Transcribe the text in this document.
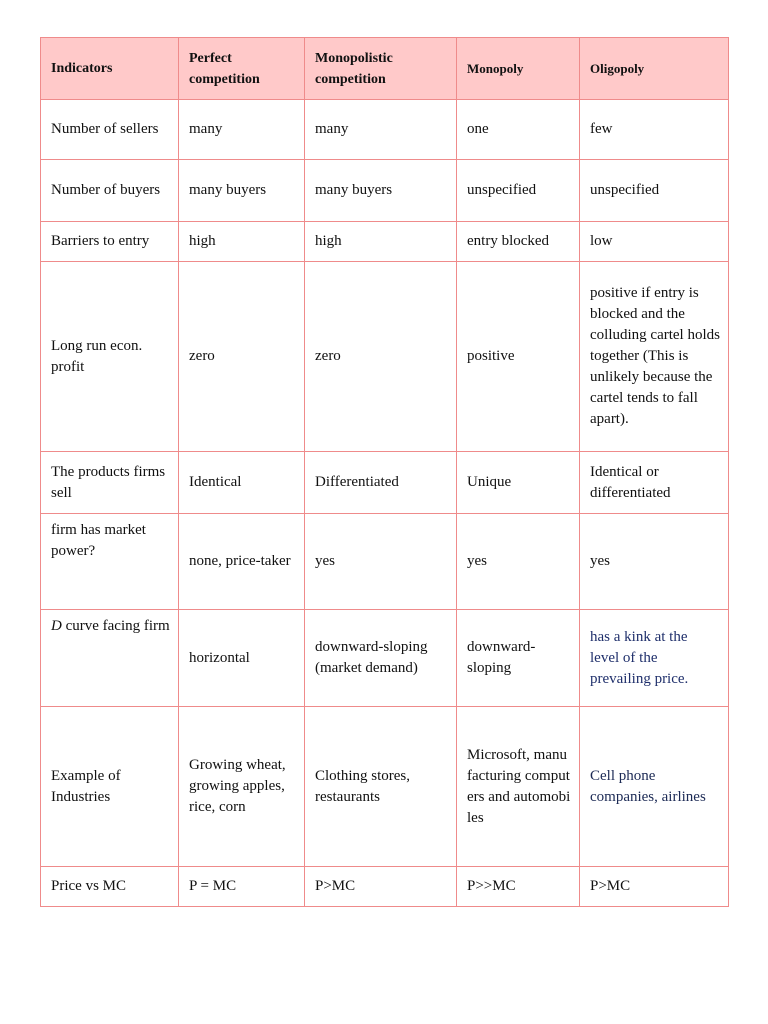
Indicators	Perfect competition	Monopolistic competition	Monopoly	Oligopoly
Number of sellers	many	many	one	few
Number of buyers	many buyers	many buyers	unspecified	unspecified
Barriers to entry	high	high	entry blocked	low
Long run econ. profit	zero	zero	positive	positive if entry is blocked and the colluding cartel holds together (This is unlikely because the cartel tends to fall apart).
The products firms sell	Identical	Differentiated	Unique	Identical or differentiated
firm has market power?	none, price-taker	yes	yes	yes
D curve facing firm	horizontal	downward-sloping (market demand)	downward-sloping	has a kink at the level of the prevailing price.
Example of Industries	Growing wheat, growing apples, rice, corn	Clothing stores, restaurants	Microsoft, manufacturing computers and automobiles	Cell phone companies, airlines
Price vs MC	P = MC	P>MC	P>>MC	P>MC
